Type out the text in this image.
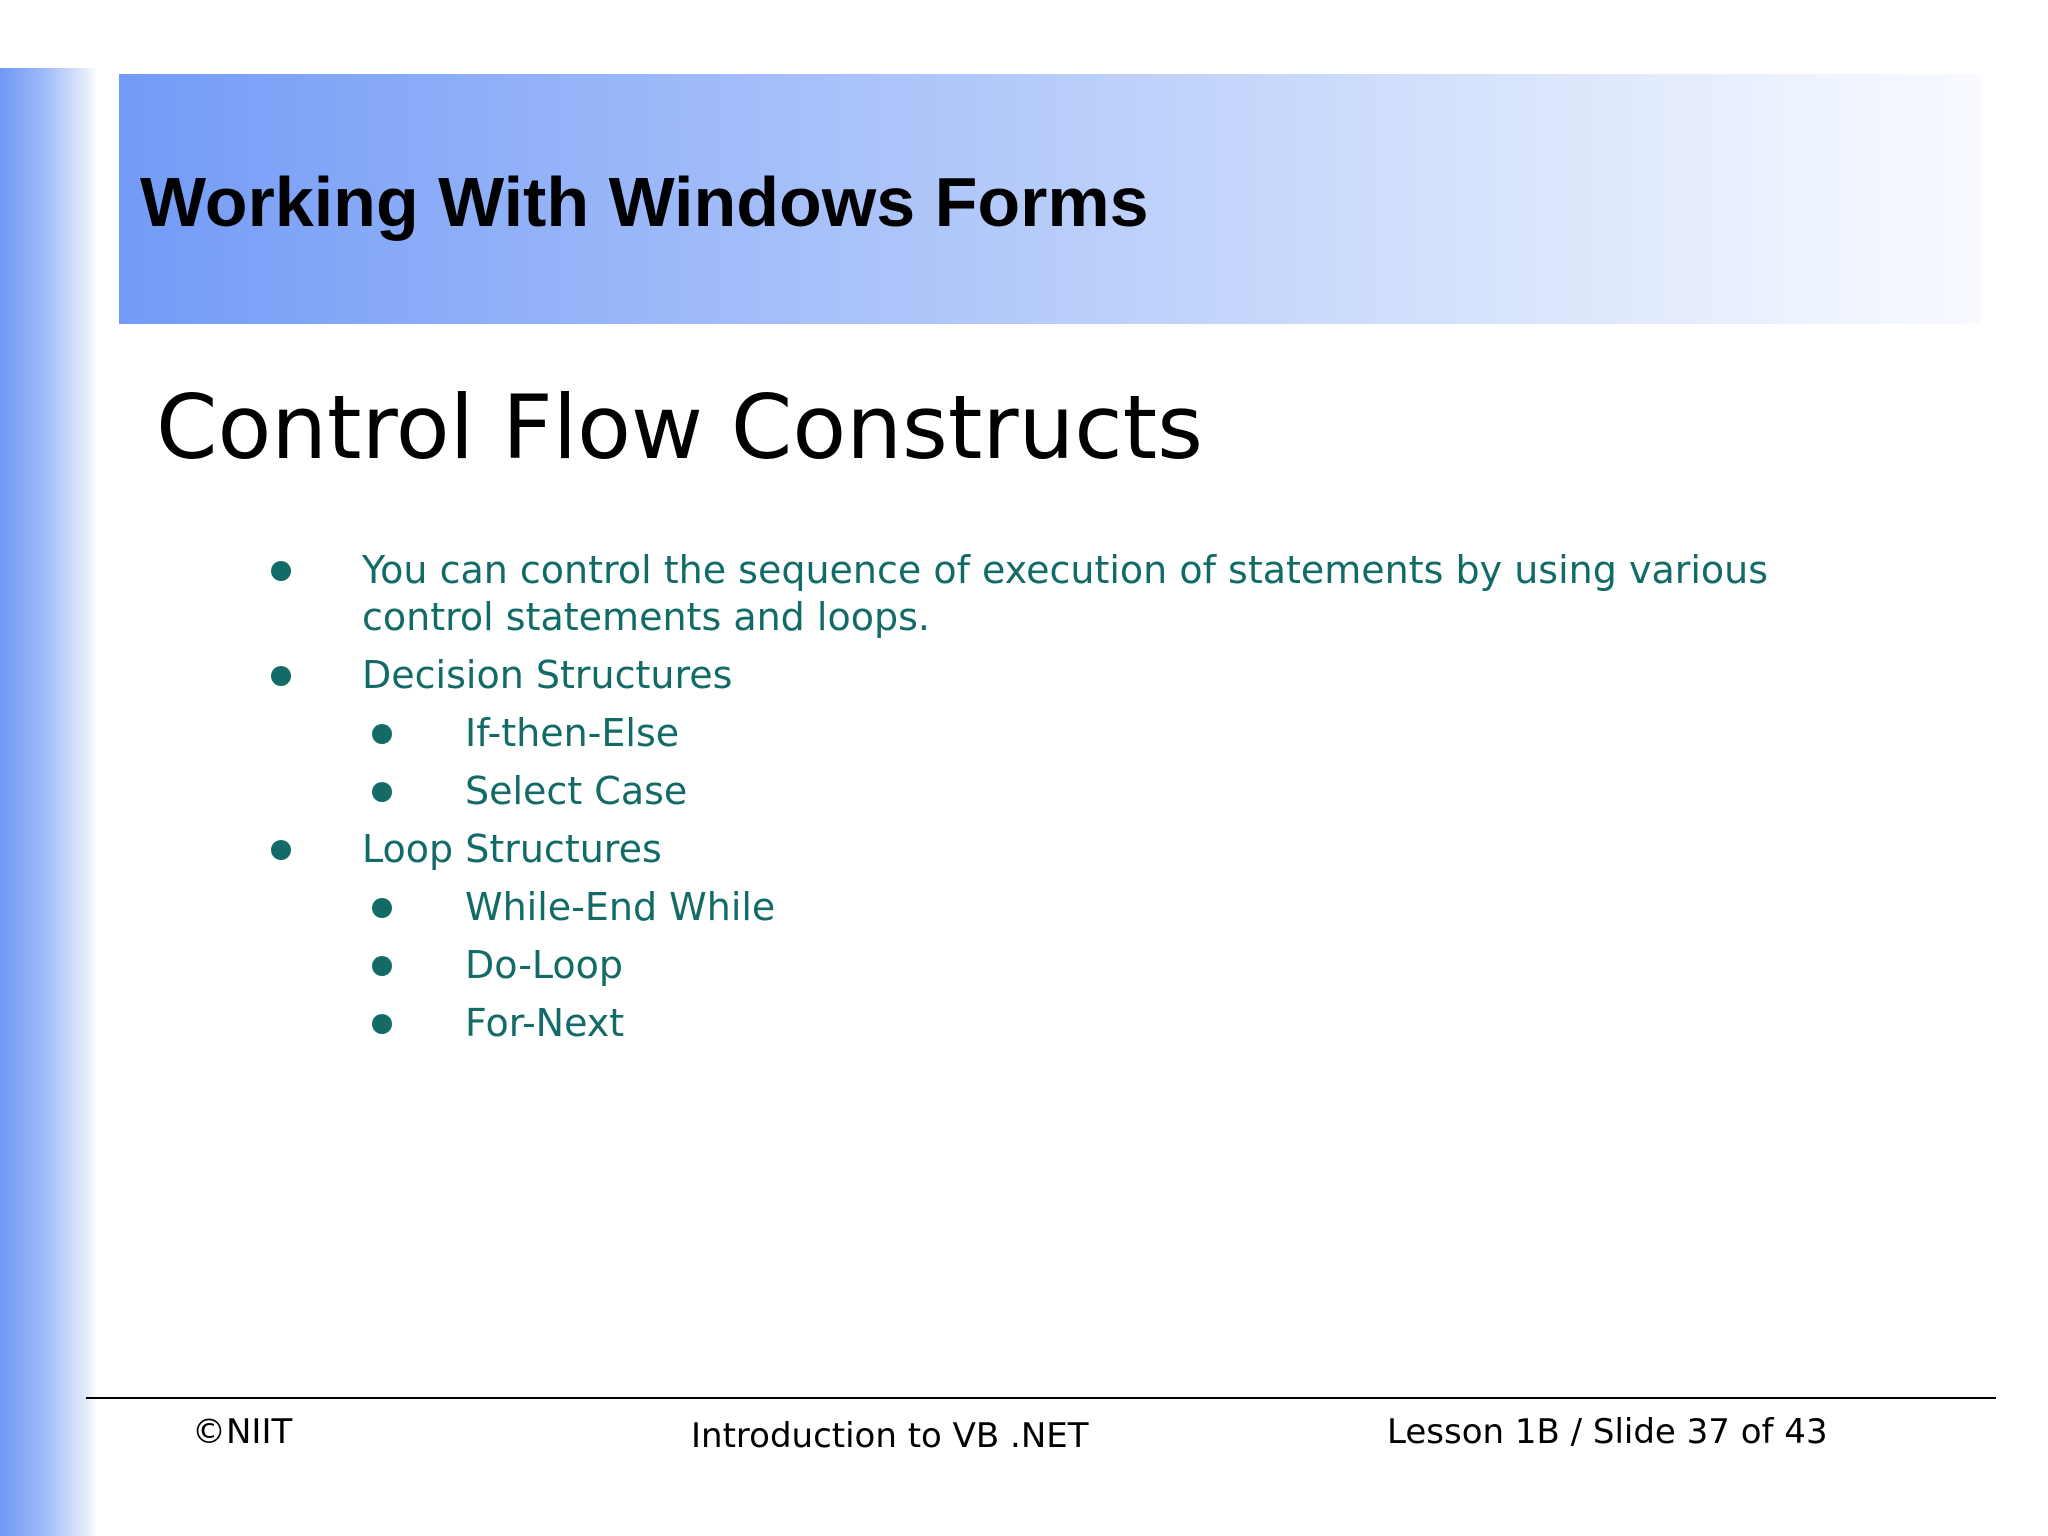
Working With Windows Forms
Control Flow Constructs
You can control the sequence of execution of statements by using various
control statements and loops.
Decision Structures
If-then-Else
Select Case
Loop Structures
While-End While
Do-Loop
For-Next
©NIIT	Introduction to VB .NET	Lesson 1B / Slide 37 of 43
